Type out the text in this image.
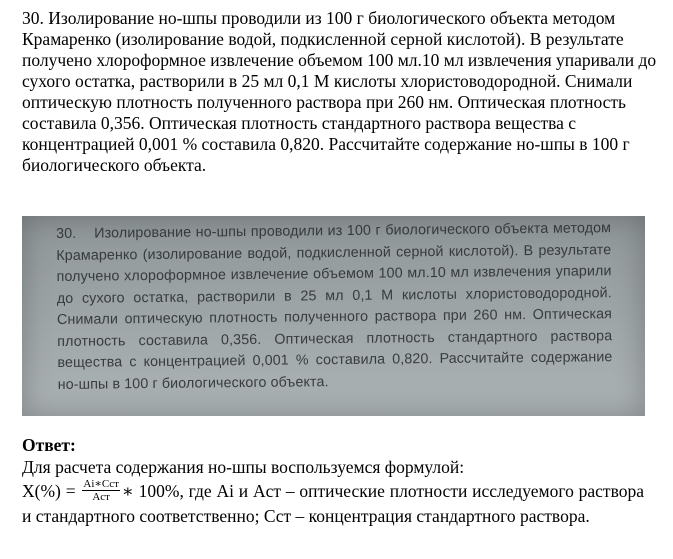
30. Изолирование но-шпы проводили из 100 г биологического объекта методом Крамаренко (изолирование водой, подкисленной серной кислотой). В результате получено хлороформное извлечение объемом 100 мл.10 мл извлечения упаривали до сухого остатка, растворили в 25 мл 0,1 М кислоты хлористоводородной. Снимали оптическую плотность полученного раствора при 260 нм. Оптическая плотность составила 0,356. Оптическая плотность стандартного раствора вещества с концентрацией 0,001 % составила 0,820. Рассчитайте содержание но-шпы в 100 г биологического объекта.

30. Изолирование но-шпы проводили из 100 г биологического объекта методом Крамаренко (изолирование водой, подкисленной серной кислотой). В результате получено хлороформное извлечение объемом 100 мл.10 мл извлечения упарили до сухого остатка, растворили в 25 мл 0,1 М кислоты хлористоводородной. Снимали оптическую плотность полученного раствора при 260 нм. Оптическая плотность составила 0,356. Оптическая плотность стандартного раствора вещества с концентрацией 0,001 % составила 0,820. Рассчитайте содержание но-шпы в 100 г биологического объекта.

Ответ:

Для расчета содержания но-шпы воспользуемся формулой:

$X(\%) = \frac{\text{Ai∗Cст}}{\text{Aст}}$ ∗ 100%, где Ai и Aст – оптические плотности исследуемого раствора и стандартного соответственно; Сст – концентрация стандартного раствора.
